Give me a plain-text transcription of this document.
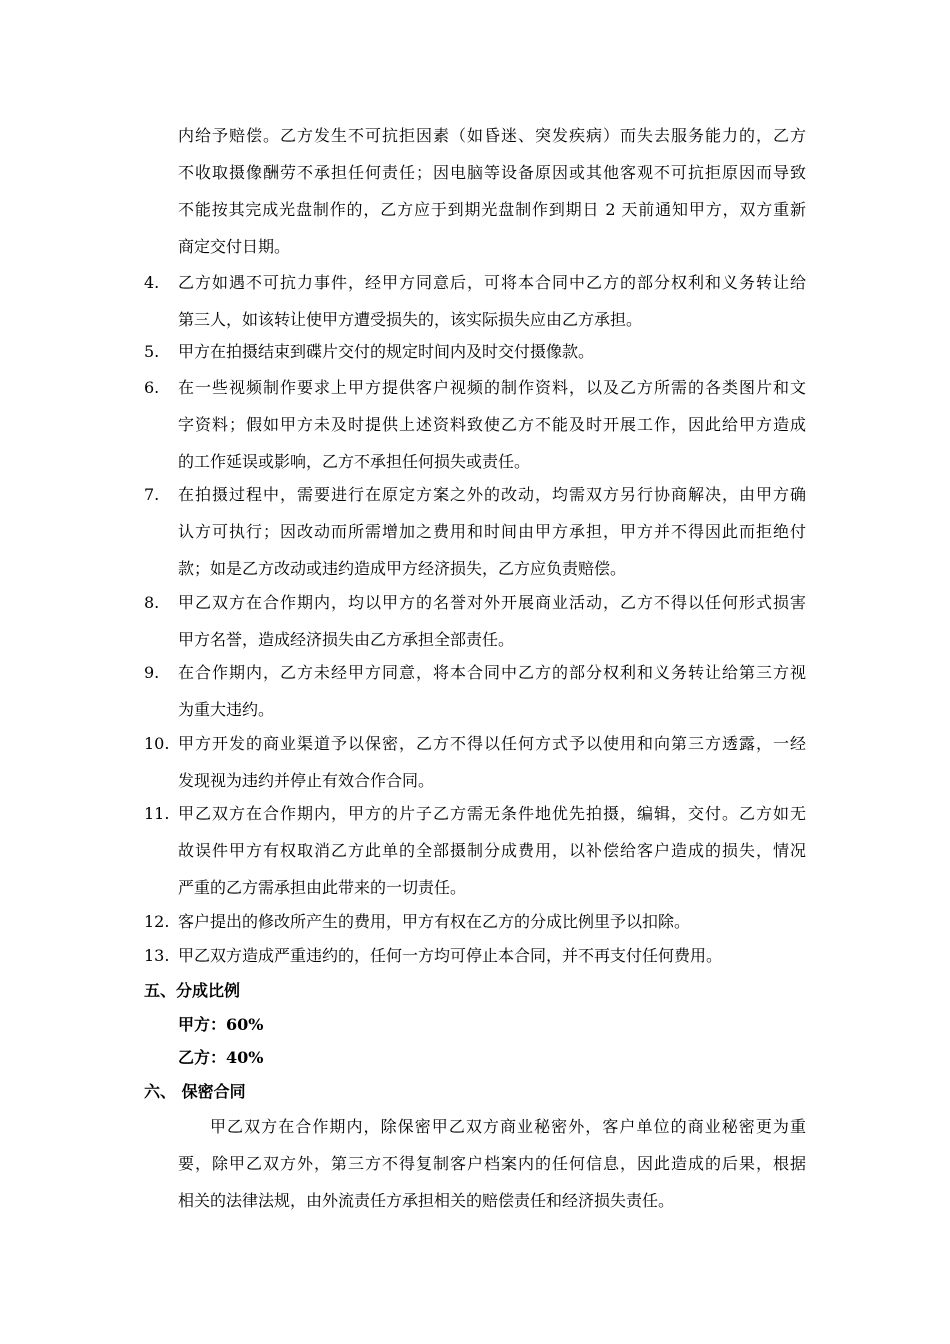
内给予赔偿。乙方发生不可抗拒因素（如昏迷、突发疾病）而失去服务能力的，乙方
不收取摄像酬劳不承担任何责任；因电脑等设备原因或其他客观不可抗拒原因而导致
不能按其完成光盘制作的，乙方应于到期光盘制作到期日 2 天前通知甲方，双方重新
商定交付日期。
4.	乙方如遇不可抗力事件，经甲方同意后，可将本合同中乙方的部分权利和义务转让给
第三人，如该转让使甲方遭受损失的，该实际损失应由乙方承担。
5.	甲方在拍摄结束到碟片交付的规定时间内及时交付摄像款。
6.	在一些视频制作要求上甲方提供客户视频的制作资料，以及乙方所需的各类图片和文
字资料；假如甲方未及时提供上述资料致使乙方不能及时开展工作，因此给甲方造成
的工作延误或影响，乙方不承担任何损失或责任。
7.	在拍摄过程中，需要进行在原定方案之外的改动，均需双方另行协商解决，由甲方确
认方可执行；因改动而所需增加之费用和时间由甲方承担，甲方并不得因此而拒绝付
款；如是乙方改动或违约造成甲方经济损失，乙方应负责赔偿。
8.	甲乙双方在合作期内，均以甲方的名誉对外开展商业活动，乙方不得以任何形式损害
甲方名誉，造成经济损失由乙方承担全部责任。
9.	在合作期内，乙方未经甲方同意，将本合同中乙方的部分权利和义务转让给第三方视
为重大违约。
10. 甲方开发的商业渠道予以保密，乙方不得以任何方式予以使用和向第三方透露，一经
发现视为违约并停止有效合作合同。
11. 甲乙双方在合作期内，甲方的片子乙方需无条件地优先拍摄，编辑，交付。乙方如无
故误件甲方有权取消乙方此单的全部摄制分成费用，以补偿给客户造成的损失，情况
严重的乙方需承担由此带来的一切责任。
12. 客户提出的修改所产生的费用，甲方有权在乙方的分成比例里予以扣除。
13. 甲乙双方造成严重违约的，任何一方均可停止本合同，并不再支付任何费用。
五、分成比例
甲方：60%
乙方：40%
六、 保密合同
甲乙双方在合作期内，除保密甲乙双方商业秘密外，客户单位的商业秘密更为重
要，除甲乙双方外，第三方不得复制客户档案内的任何信息，因此造成的后果，根据
相关的法律法规，由外流责任方承担相关的赔偿责任和经济损失责任。
